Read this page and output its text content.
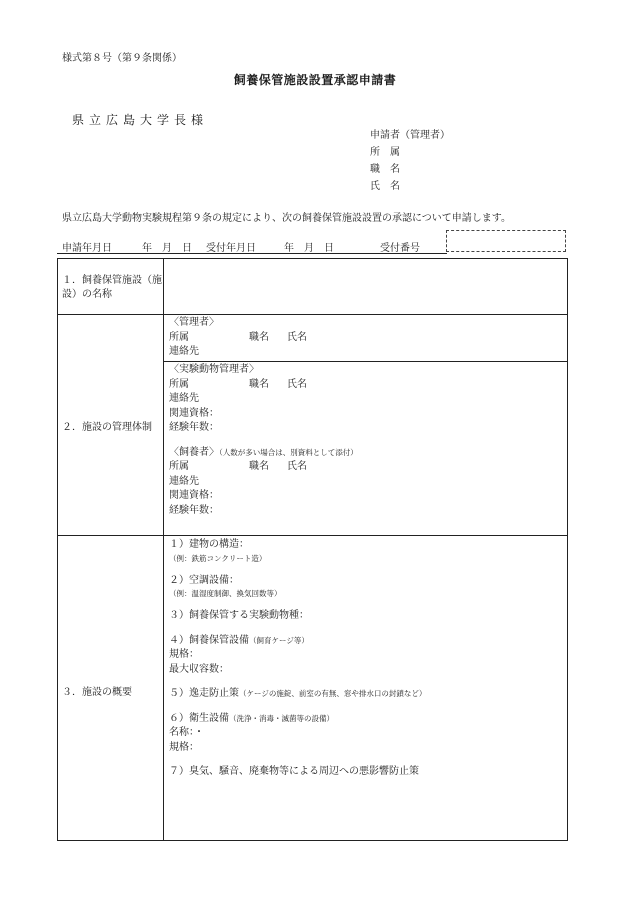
様式第８号（第９条関係）
飼養保管施設設置承認申請書
県立広島大学長様
申請者（管理者）
所　属
職　名
氏　名
県立広島大学動物実験規程第９条の規定により、次の飼養保管施設設置の承認について申請します。
申請年月日	年　月　日 受付年月日	年　月　日	受付番号
１．飼養保管施設（施
設）の名称
２．施設の管理体制
〈管理者〉
所属	職名 氏名
連絡先
〈実験動物管理者〉
所属	職名 氏名
連絡先
関連資格：
経験年数：
〈飼養者〉（人数が多い場合は、別資料として添付）
所属	職名 氏名
連絡先
関連資格：
経験年数：
３．施設の概要
１）建物の構造：
（例：鉄筋コンクリート造）
２）空調設備：
（例：温湿度制御、換気回数等）
３）飼養保管する実験動物種：
４）飼養保管設備（飼育ケージ等）
規格：
最大収容数：
５）逸走防止策（ケージの施錠、前室の有無、窓や排水口の封鎖など）
６）衛生設備（洗浄・消毒・滅菌等の設備）
名称：・
規格：
７）臭気、騒音、廃棄物等による周辺への悪影響防止策
